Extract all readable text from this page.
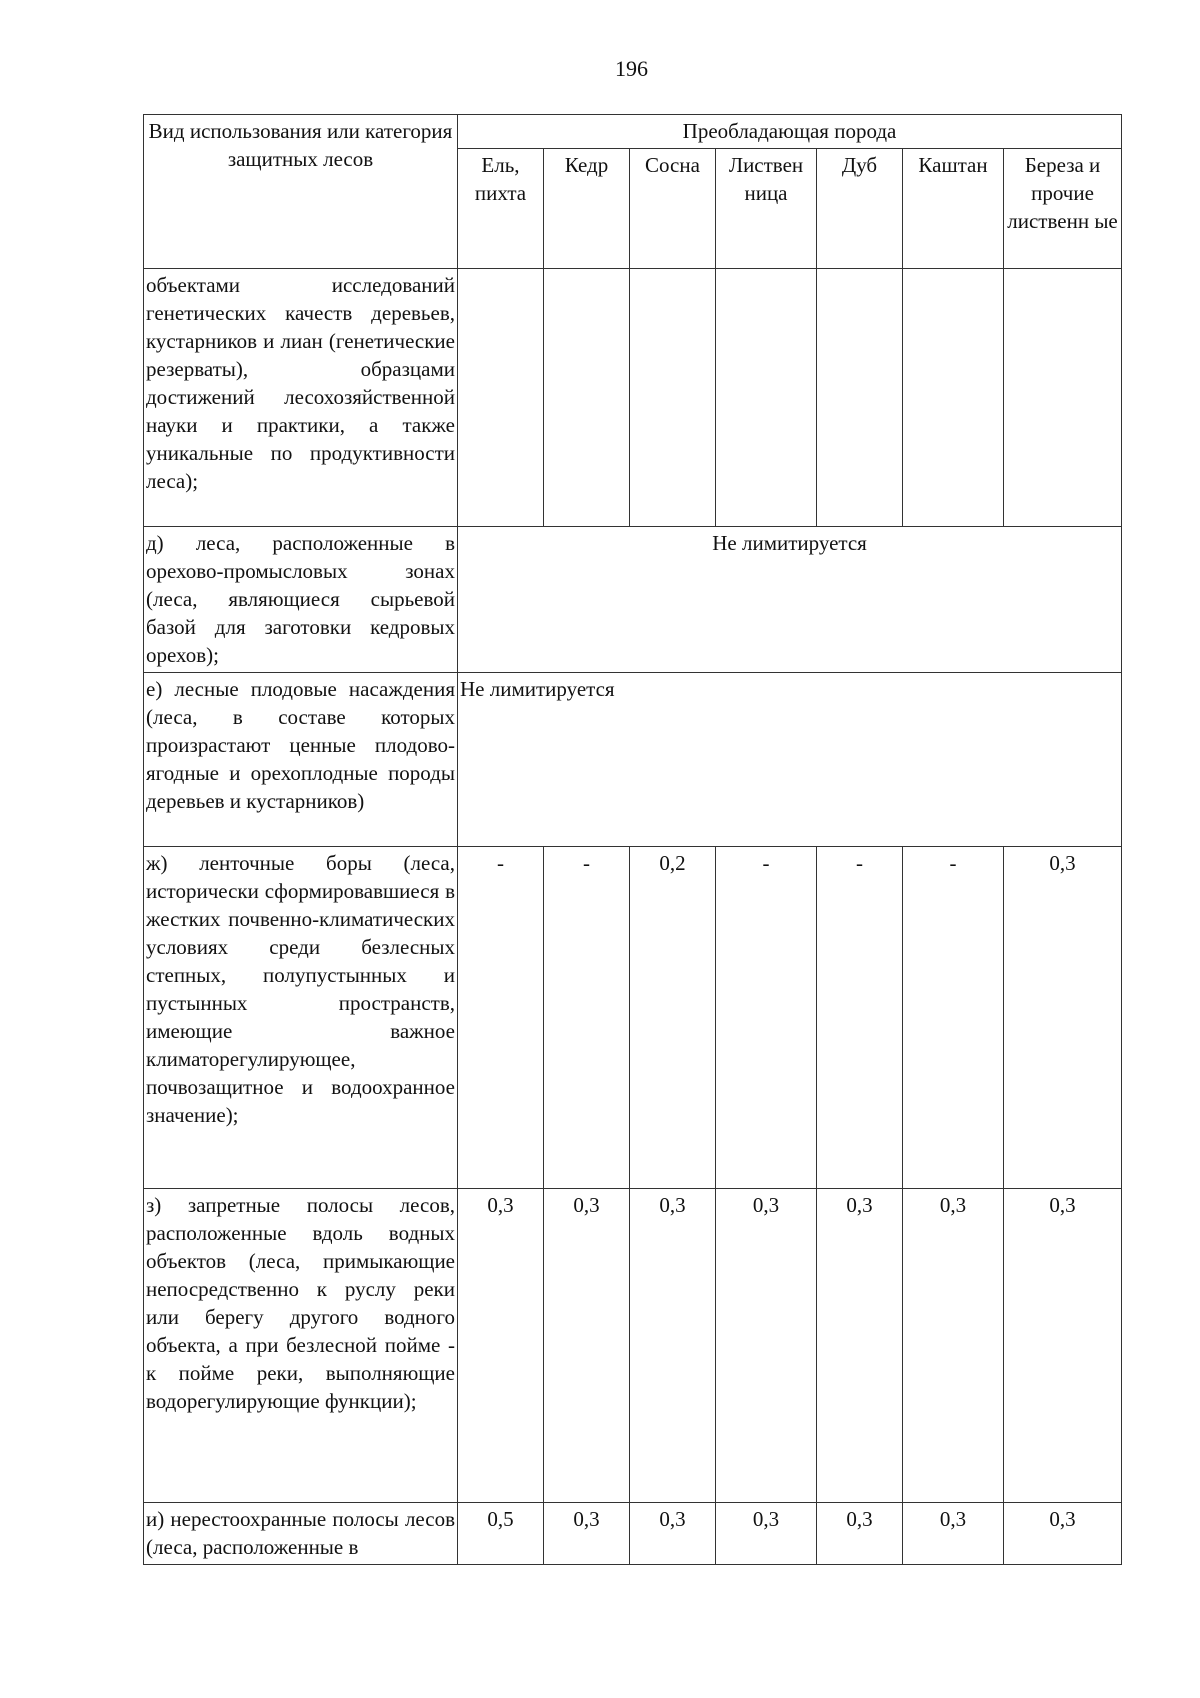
196
Вид использования или категория защитных лесов	Преобладающая порода						

	Ель, пихта	Кедр	Сосна	Листвен ница	Дуб	Каштан	Береза и прочие лиственн ые
объектами исследований генетических качеств деревьев, кустарников и лиан (генетические резерваты), образцами достижений лесохозяйственной науки и практики, а также уникальные по продуктивности леса);							
д) леса, расположенные в орехово-промысловых зонах (леса, являющиеся сырьевой базой для заготовки кедровых орехов);	Не лимитируется						
е) лесные плодовые насаждения (леса, в составе которых произрастают ценные плодово-ягодные и орехоплодные породы деревьев и кустарников)	Не лимитируется						
ж) ленточные боры (леса, исторически сформировавшиеся в жестких почвенно-климатических условиях среди безлесных степных, полупустынных и пустынных пространств, имеющие важное климаторегулирующее, почвозащитное и водоохранное значение);	-	-	0,2	-	-	-	0,3
з) запретные полосы лесов, расположенные вдоль водных объектов (леса, примыкающие непосредственно к руслу реки или берегу другого водного объекта, а при безлесной пойме - к пойме реки, выполняющие водорегулирующие функции);	0,3	0,3	0,3	0,3	0,3	0,3	0,3
и) нерестоохранные полосы лесов (леса, расположенные в	0,5	0,3	0,3	0,3	0,3	0,3	0,3
